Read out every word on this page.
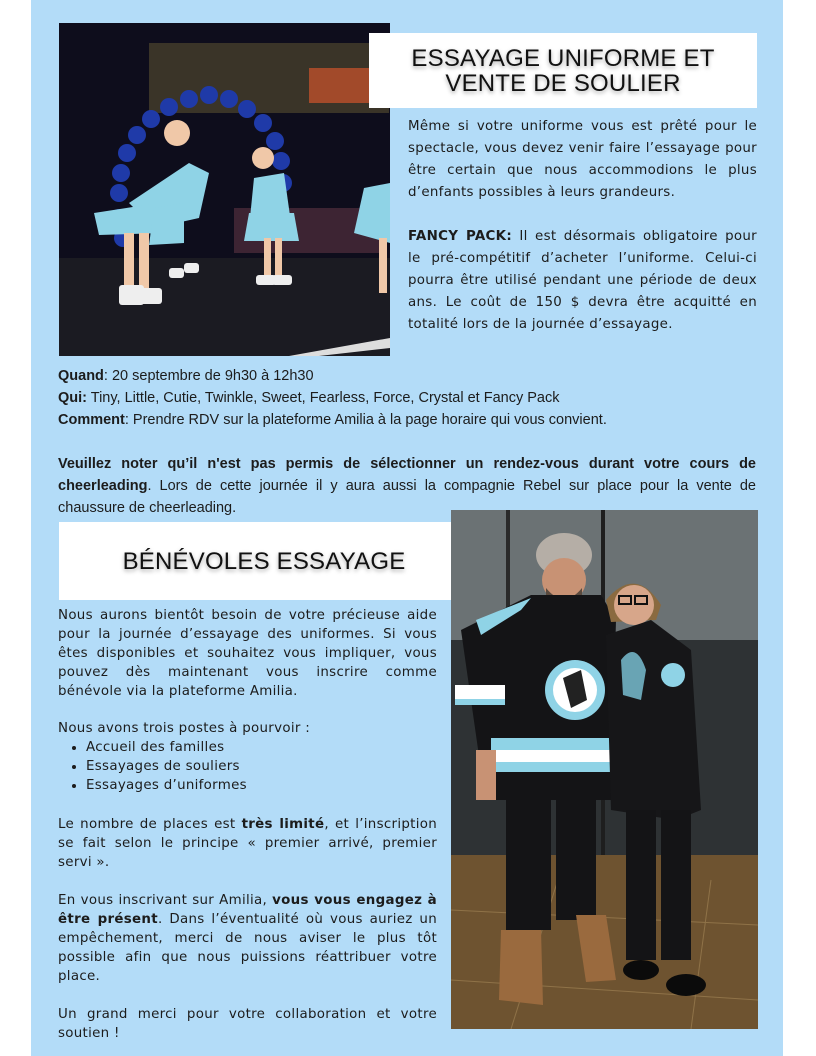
ESSAYAGE UNIFORME ET
VENTE DE SOULIER
Même si votre uniforme vous est prêté pour le spectacle, vous devez venir faire l’essayage pour être certain que nous accommodions le plus d’enfants possibles à leurs grandeurs.
FANCY PACK: Il est désormais obligatoire pour le pré-compétitif d’acheter l’uniforme. Celui-ci pourra être utilisé pendant une période de deux ans. Le coût de 150 $ devra être acquitté en totalité lors de la journée d’essayage.
Quand: 20 septembre de 9h30 à 12h30
Qui: Tiny, Little, Cutie, Twinkle, Sweet, Fearless, Force, Crystal et Fancy Pack
Comment: Prendre RDV sur la plateforme Amilia à la page horaire qui vous convient.
Veuillez noter qu’il n'est pas permis de sélectionner un rendez-vous durant votre cours de cheerleading. Lors de cette journée il y aura aussi la compagnie Rebel sur place pour la vente de chaussure de cheerleading.
BÉNÉVOLES ESSAYAGE
Nous aurons bientôt besoin de votre précieuse aide pour la journée d’essayage des uniformes. Si vous êtes disponibles et souhaitez vous impliquer, vous pouvez dès maintenant vous inscrire comme bénévole via la plateforme Amilia.
Nous avons trois postes à pourvoir :
• Accueil des familles
• Essayages de souliers
• Essayages d’uniformes
Le nombre de places est très limité, et l’inscription se fait selon le principe « premier arrivé, premier servi ».
En vous inscrivant sur Amilia, vous vous engagez à être présent. Dans l’éventualité où vous auriez un empêchement, merci de nous aviser le plus tôt possible afin que nous puissions réattribuer votre place.
Un grand merci pour votre collaboration et votre soutien !
